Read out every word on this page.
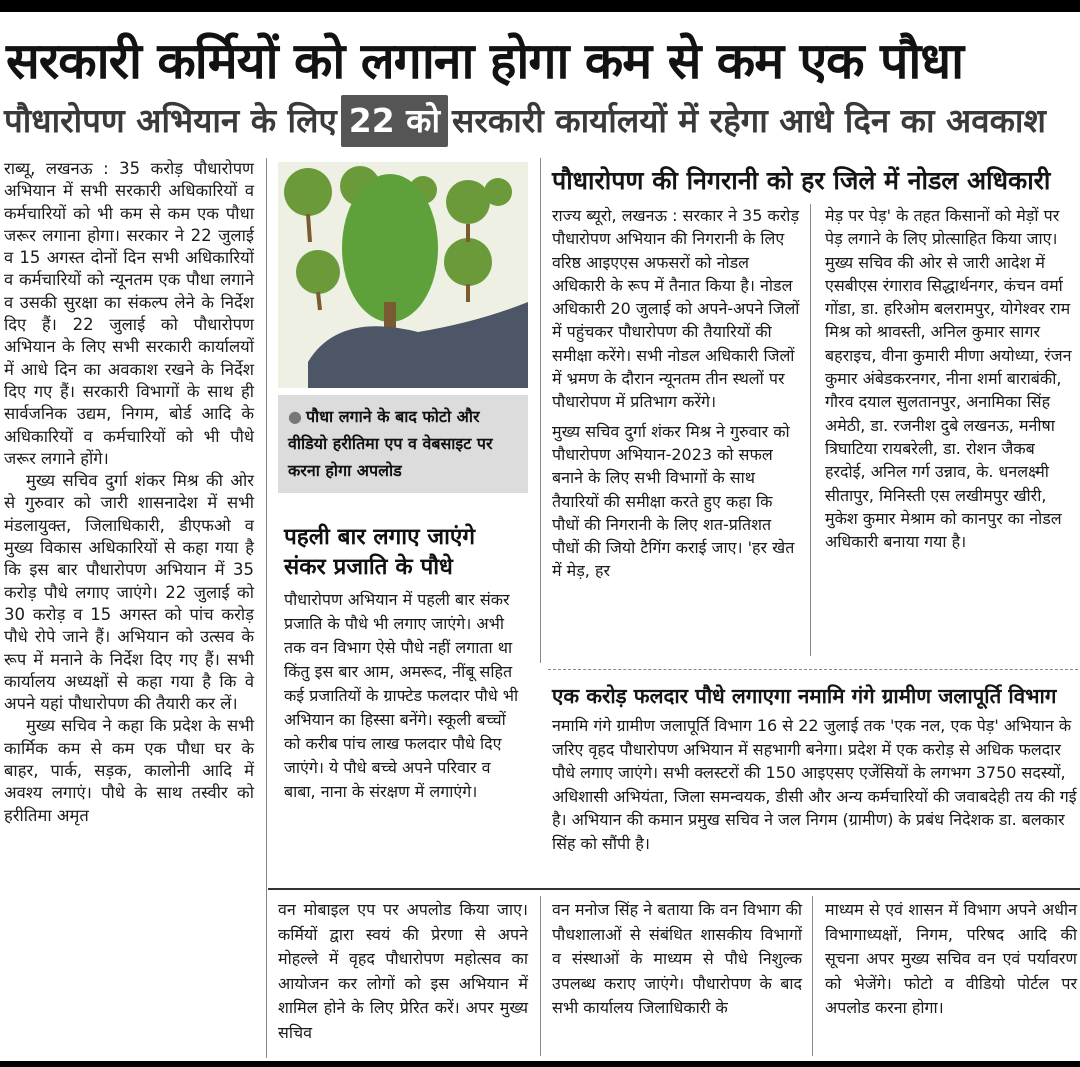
सरकारी कर्मियों को लगाना होगा कम से कम एक पौधा
पौधारोपण अभियान के लिए 22 को सरकारी कार्यालयों में रहेगा आधे दिन का अवकाश

राब्यू, लखनऊ : 35 करोड़ पौधारोपण अभियान में सभी सरकारी अधिकारियों व कर्मचारियों को भी कम से कम एक पौधा जरूर लगाना होगा। सरकार ने 22 जुलाई व 15 अगस्त दोनों दिन सभी अधिकारियों व कर्मचारियों को न्यूनतम एक पौधा लगाने व उसकी सुरक्षा का संकल्प लेने के निर्देश दिए हैं। 22 जुलाई को पौधारोपण अभियान के लिए सभी सरकारी कार्यालयों में आधे दिन का अवकाश रखने के निर्देश दिए गए हैं। सरकारी विभागों के साथ ही सार्वजनिक उद्यम, निगम, बोर्ड आदि के अधिकारियों व कर्मचारियों को भी पौधे जरूर लगाने होंगे।

मुख्य सचिव दुर्गा शंकर मिश्र की ओर से गुरुवार को जारी शासनादेश में सभी मंडलायुक्त, जिलाधिकारी, डीएफओ व मुख्य विकास अधिकारियों से कहा गया है कि इस बार पौधारोपण अभियान में 35 करोड़ पौधे लगाए जाएंगे। 22 जुलाई को 30 करोड़ व 15 अगस्त को पांच करोड़ पौधे रोपे जाने हैं। अभियान को उत्सव के रूप में मनाने के निर्देश दिए गए हैं। सभी कार्यालय अध्यक्षों से कहा गया है कि वे अपने यहां पौधारोपण की तैयारी कर लें।

मुख्य सचिव ने कहा कि प्रदेश के सभी कार्मिक कम से कम एक पौधा घर के बाहर, पार्क, सड़क, कालोनी आदि में अवश्य लगाएं। पौधे के साथ तस्वीर को हरीतिमा अमृत

● पौधा लगाने के बाद फोटो और वीडियो हरीतिमा एप व वेबसाइट पर करना होगा अपलोड
पहली बार लगाए जाएंगे संकर प्रजाति के पौधे
पौधारोपण अभियान में पहली बार संकर प्रजाति के पौधे भी लगाए जाएंगे। अभी तक वन विभाग ऐसे पौधे नहीं लगाता था किंतु इस बार आम, अमरूद, नींबू सहित कई प्रजातियों के ग्राफ्टेड फलदार पौधे भी अभियान का हिस्सा बनेंगे। स्कूली बच्चों को करीब पांच लाख फलदार पौधे दिए जाएंगे। ये पौधे बच्चे अपने परिवार व बाबा, नाना के संरक्षण में लगाएंगे।
पौधारोपण की निगरानी को हर जिले में नोडल अधिकारी

राज्य ब्यूरो, लखनऊ : सरकार ने 35 करोड़ पौधारोपण अभियान की निगरानी के लिए वरिष्ठ आइएएस अफसरों को नोडल अधिकारी के रूप में तैनात किया है। नोडल अधिकारी 20 जुलाई को अपने-अपने जिलों में पहुंचकर पौधारोपण की तैयारियों की समीक्षा करेंगे। सभी नोडल अधिकारी जिलों में भ्रमण के दौरान न्यूनतम तीन स्थलों पर पौधारोपण में प्रतिभाग करेंगे।

मुख्य सचिव दुर्गा शंकर मिश्र ने गुरुवार को पौधारोपण अभियान-2023 को सफल बनाने के लिए सभी विभागों के साथ तैयारियों की समीक्षा करते हुए कहा कि पौधों की निगरानी के लिए शत-प्रतिशत पौधों की जियो टैगिंग कराई जाए। 'हर खेत में मेड़, हर

मेड़ पर पेड़' के तहत किसानों को मेड़ों पर पेड़ लगाने के लिए प्रोत्साहित किया जाए। मुख्य सचिव की ओर से जारी आदेश में एसबीएस रंगाराव सिद्धार्थनगर, कंचन वर्मा गोंडा, डा. हरिओम बलरामपुर, योगेश्वर राम मिश्र को श्रावस्ती, अनिल कुमार सागर बहराइच, वीना कुमारी मीणा अयोध्या, रंजन कुमार अंबेडकरनगर, नीना शर्मा बाराबंकी, गौरव दयाल सुलतानपुर, अनामिका सिंह अमेठी, डा. रजनीश दुबे लखनऊ, मनीषा त्रिघाटिया रायबरेली, डा. रोशन जैकब हरदोई, अनिल गर्ग उन्नाव, के. धनलक्ष्मी सीतापुर, मिनिस्ती एस लखीमपुर खीरी, मुकेश कुमार मेश्राम को कानपुर का नोडल अधिकारी बनाया गया है।
एक करोड़ फलदार पौधे लगाएगा नमामि गंगे ग्रामीण जलापूर्ति विभाग
नमामि गंगे ग्रामीण जलापूर्ति विभाग 16 से 22 जुलाई तक 'एक नल, एक पेड़' अभियान के जरिए वृहद पौधारोपण अभियान में सहभागी बनेगा। प्रदेश में एक करोड़ से अधिक फलदार पौधे लगाए जाएंगे। सभी क्लस्टरों की 150 आइएसए एजेंसियों के लगभग 3750 सदस्यों, अधिशासी अभियंता, जिला समन्वयक, डीसी और अन्य कर्मचारियों की जवाबदेही तय की गई है। अभियान की कमान प्रमुख सचिव ने जल निगम (ग्रामीण) के प्रबंध निदेशक डा. बलकार सिंह को सौंपी है।
वन मोबाइल एप पर अपलोड किया जाए। कर्मियों द्वारा स्वयं की प्रेरणा से अपने मोहल्ले में वृहद पौधारोपण महोत्सव का आयोजन कर लोगों को इस अभियान में शामिल होने के लिए प्रेरित करें। अपर मुख्य सचिव
वन मनोज सिंह ने बताया कि वन विभाग की पौधशालाओं से संबंधित शासकीय विभागों व संस्थाओं के माध्यम से पौधे निशुल्क उपलब्ध कराए जाएंगे। पौधारोपण के बाद सभी कार्यालय जिलाधिकारी के
माध्यम से एवं शासन में विभाग अपने अधीन विभागाध्यक्षों, निगम, परिषद आदि की सूचना अपर मुख्य सचिव वन एवं पर्यावरण को भेजेंगे। फोटो व वीडियो पोर्टल पर अपलोड करना होगा।
